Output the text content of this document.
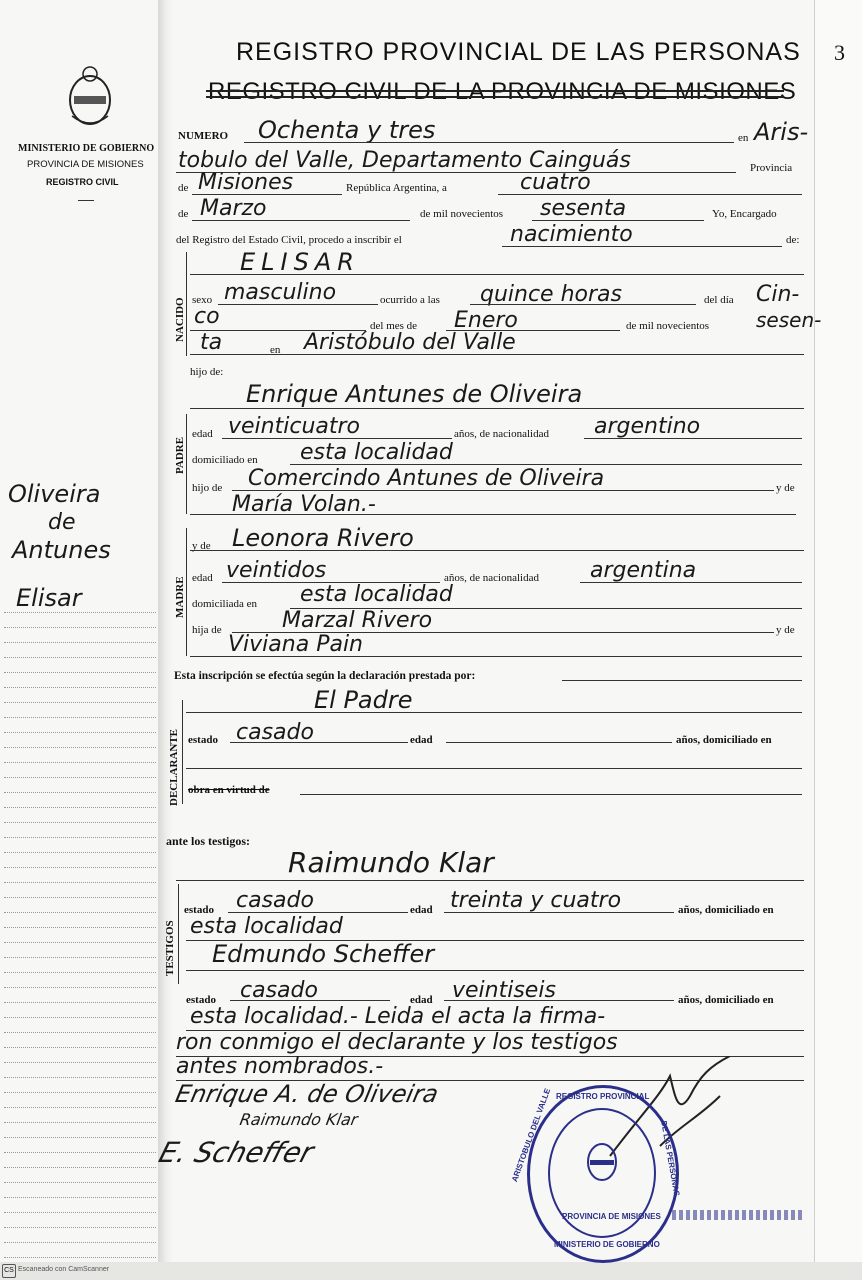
3
MINISTERIO DE GOBIERNO
PROVINCIA DE MISIONES
REGISTRO CIVIL
Oliveira
de
Antunes
Elisar
REGISTRO PROVINCIAL DE LAS PERSONAS
REGISTRO CIVIL DE LA PROVINCIA DE MISIONES
NUMERO Ochenta y tres	en Aris-
tobulo del Valle, Departamento Cainguás	Provincia
de Misiones	República Argentina, a	cuatro
de Marzo	de mil novecientos sesenta	Yo, Encargado
del Registro del Estado Civil, procedo a inscribir el	nacimiento	de:
NACIDO
ELISAR
sexo masculino	ocurrido a las quince horas	del día Cin-
co	del mes de Enero	de mil novecientos sesen-
ta	en Aristóbulo del Valle
hijo de:
Enrique Antunes de Oliveira
PADRE
edad veinticuatro	años, de nacionalidad argentino
domiciliado en esta localidad
hijo de Comercindo Antunes de Oliveira	y de
María Volan.-
MADRE
y de Leonora Rivero
edad veintidos	años, de nacionalidad argentina
domiciliada en esta localidad
hija de	Marzal Rivero	y de
Viviana Pain
Esta inscripción se efectúa según la declaración prestada por:
DECLARANTE
El Padre
estado casado	edad	años, domiciliado en
obra en virtud de
ante los testigos:
Raimundo Klar
TESTIGOS
estado casado	edad treinta y cuatro	años, domiciliado en
esta localidad
Edmundo Scheffer
estado casado	edad veintiseis	años, domiciliado en
esta localidad.- Leida el acta la firma-
ron conmigo el declarante y los testigos
antes nombrados.-
Enrique A. de Oliveira
Raimundo Klar
E. Scheffer
REGISTRO PROVINCIAL
ARISTOBULO DEL VALLE	DE LAS PERSONAS
PROVINCIA DE MISIONES
MINISTERIO DE GOBIERNO
CS Escaneado con CamScanner
